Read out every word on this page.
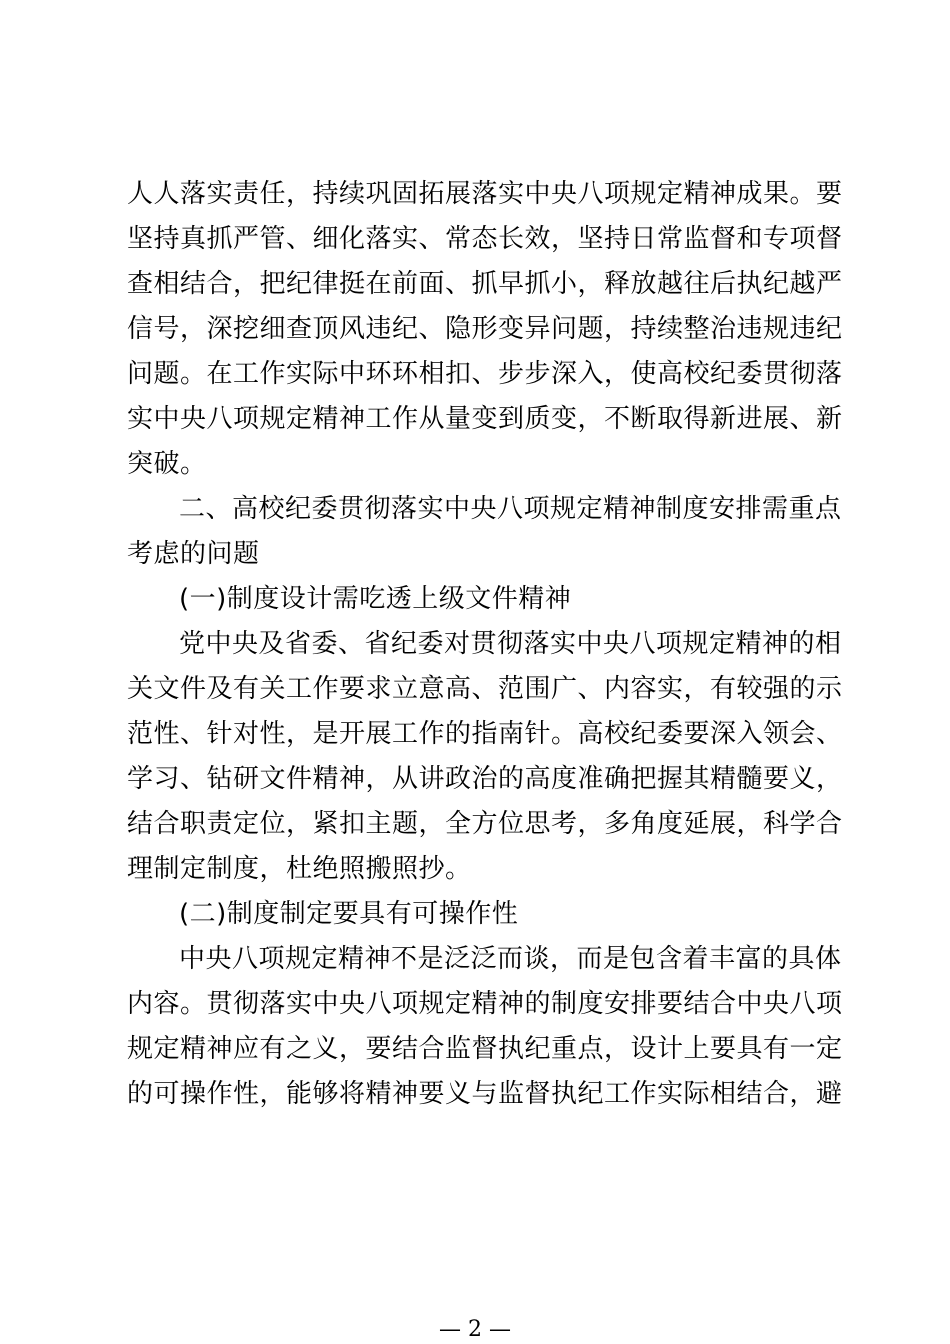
人人落实责任，持续巩固拓展落实中央八项规定精神成果。要
坚持真抓严管、细化落实、常态长效，坚持日常监督和专项督
查相结合，把纪律挺在前面、抓早抓小，释放越往后执纪越严
信号，深挖细查顶风违纪、隐形变异问题，持续整治违规违纪
问题。在工作实际中环环相扣、步步深入，使高校纪委贯彻落
实中央八项规定精神工作从量变到质变，不断取得新进展、新
突破。
二、高校纪委贯彻落实中央八项规定精神制度安排需重点
考虑的问题
(一)制度设计需吃透上级文件精神
党中央及省委、省纪委对贯彻落实中央八项规定精神的相
关文件及有关工作要求立意高、范围广、内容实，有较强的示
范性、针对性，是开展工作的指南针。高校纪委要深入领会、
学习、钻研文件精神，从讲政治的高度准确把握其精髓要义，
结合职责定位，紧扣主题，全方位思考，多角度延展，科学合
理制定制度，杜绝照搬照抄。
(二)制度制定要具有可操作性
中央八项规定精神不是泛泛而谈，而是包含着丰富的具体
内容。贯彻落实中央八项规定精神的制度安排要结合中央八项
规定精神应有之义，要结合监督执纪重点，设计上要具有一定
的可操作性，能够将精神要义与监督执纪工作实际相结合，避
— 2 —
